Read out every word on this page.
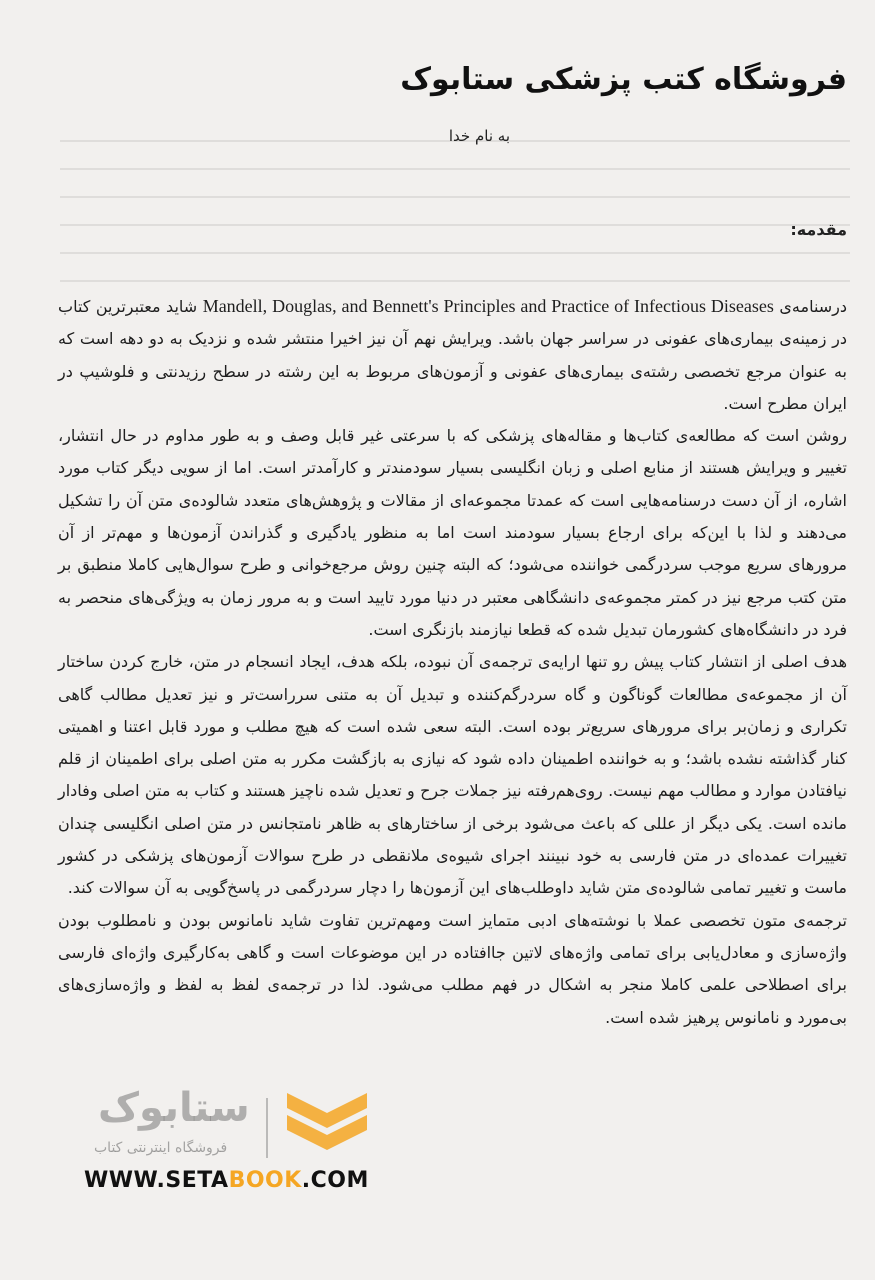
فروشگاه کتب پزشکی ستابوک
به نام خدا
مقدمه:

درسنامه‌ی Mandell, Douglas, and Bennett's Principles and Practice of Infectious Diseases شاید معتبرترین کتاب در زمینه‌ی بیماری‌های عفونی در سراسر جهان باشد. ویرایش نهم آن نیز اخیرا منتشر شده و نزدیک به دو دهه است که به عنوان مرجع تخصصی رشته‌ی بیماری‌های عفونی و آزمون‌های مربوط به این رشته در سطح رزیدنتی و فلوشیپ در ایران مطرح است.

روشن است که مطالعه‌ی کتاب‌ها و مقاله‌های پزشکی که با سرعتی غیر قابل وصف و به طور مداوم در حال انتشار، تغییر و ویرایش هستند از منابع اصلی و زبان انگلیسی بسیار سودمندتر و کارآمدتر است. اما از سویی دیگر کتاب مورد اشاره، از آن دست درسنامه‌هایی است که عمدتا مجموعه‌ای از مقالات و پژوهش‌های متعدد شالوده‌ی متن آن را تشکیل می‌دهند و لذا با این‌که برای ارجاع بسیار سودمند است اما به منظور یادگیری و گذراندن آزمون‌ها و مهم‌تر از آن مرورهای سریع موجب سردرگمی خواننده می‌شود؛ که البته چنین روش مرجع‌خوانی و طرح سوال‌هایی کاملا منطبق بر متن کتب مرجع نیز در کمتر مجموعه‌ی دانشگاهی معتبر در دنیا مورد تایید است و به مرور زمان به ویژگی‌های منحصر به فرد در دانشگاه‌های کشورمان تبدیل شده که قطعا نیازمند بازنگری است.

هدف اصلی از انتشار کتاب پیش رو تنها ارایه‌ی ترجمه‌ی آن نبوده، بلکه هدف، ایجاد انسجام در متن، خارج کردن ساختار آن از مجموعه‌ی مطالعات گوناگون و گاه سردرگم‌کننده و تبدیل آن به متنی سرراست‌تر و نیز تعدیل مطالب گاهی تکراری و زمان‌بر برای مرورهای سریع‌تر بوده است. البته سعی شده است که هیچ مطلب و مورد قابل اعتنا و اهمیتی کنار گذاشته نشده باشد؛ و به خواننده اطمینان داده شود که نیازی به بازگشت مکرر به متن اصلی برای اطمینان از قلم نیافتادن موارد و مطالب مهم نیست. روی‌هم‌رفته نیز جملات جرح و تعدیل شده ناچیز هستند و کتاب به متن اصلی وفادار مانده است. یکی دیگر از عللی که باعث می‌شود برخی از ساختارهای به ظاهر نامتجانس در متن اصلی انگلیسی چندان تغییرات عمده‌ای در متن فارسی به خود نبینند اجرای شیوه‌ی ملانقطی در طرح سوالات آزمون‌های پزشکی در کشور ماست و تغییر تمامی شالوده‌ی متن شاید داوطلب‌های این آزمون‌ها را دچار سردرگمی در پاسخ‌گویی به آن سوالات کند.

ترجمه‌ی متون تخصصی عملا با نوشته‌های ادبی متمایز است ومهم‌ترین تفاوت شاید نامانوس بودن و نامطلوب بودن واژه‌سازی و معادل‌یابی برای تمامی واژه‌های لاتین جاافتاده در این موضوعات است و گاهی به‌کارگیری واژه‌ای فارسی برای اصطلاحی علمی کاملا منجر به اشکال در فهم مطلب می‌شود. لذا در ترجمه‌ی لفظ به لفظ و واژه‌سازی‌های بی‌مورد و نامانوس پرهیز شده است.

ستابوک
فروشگاه اینترنتی کتاب
WWW.SETABOOK.COM
